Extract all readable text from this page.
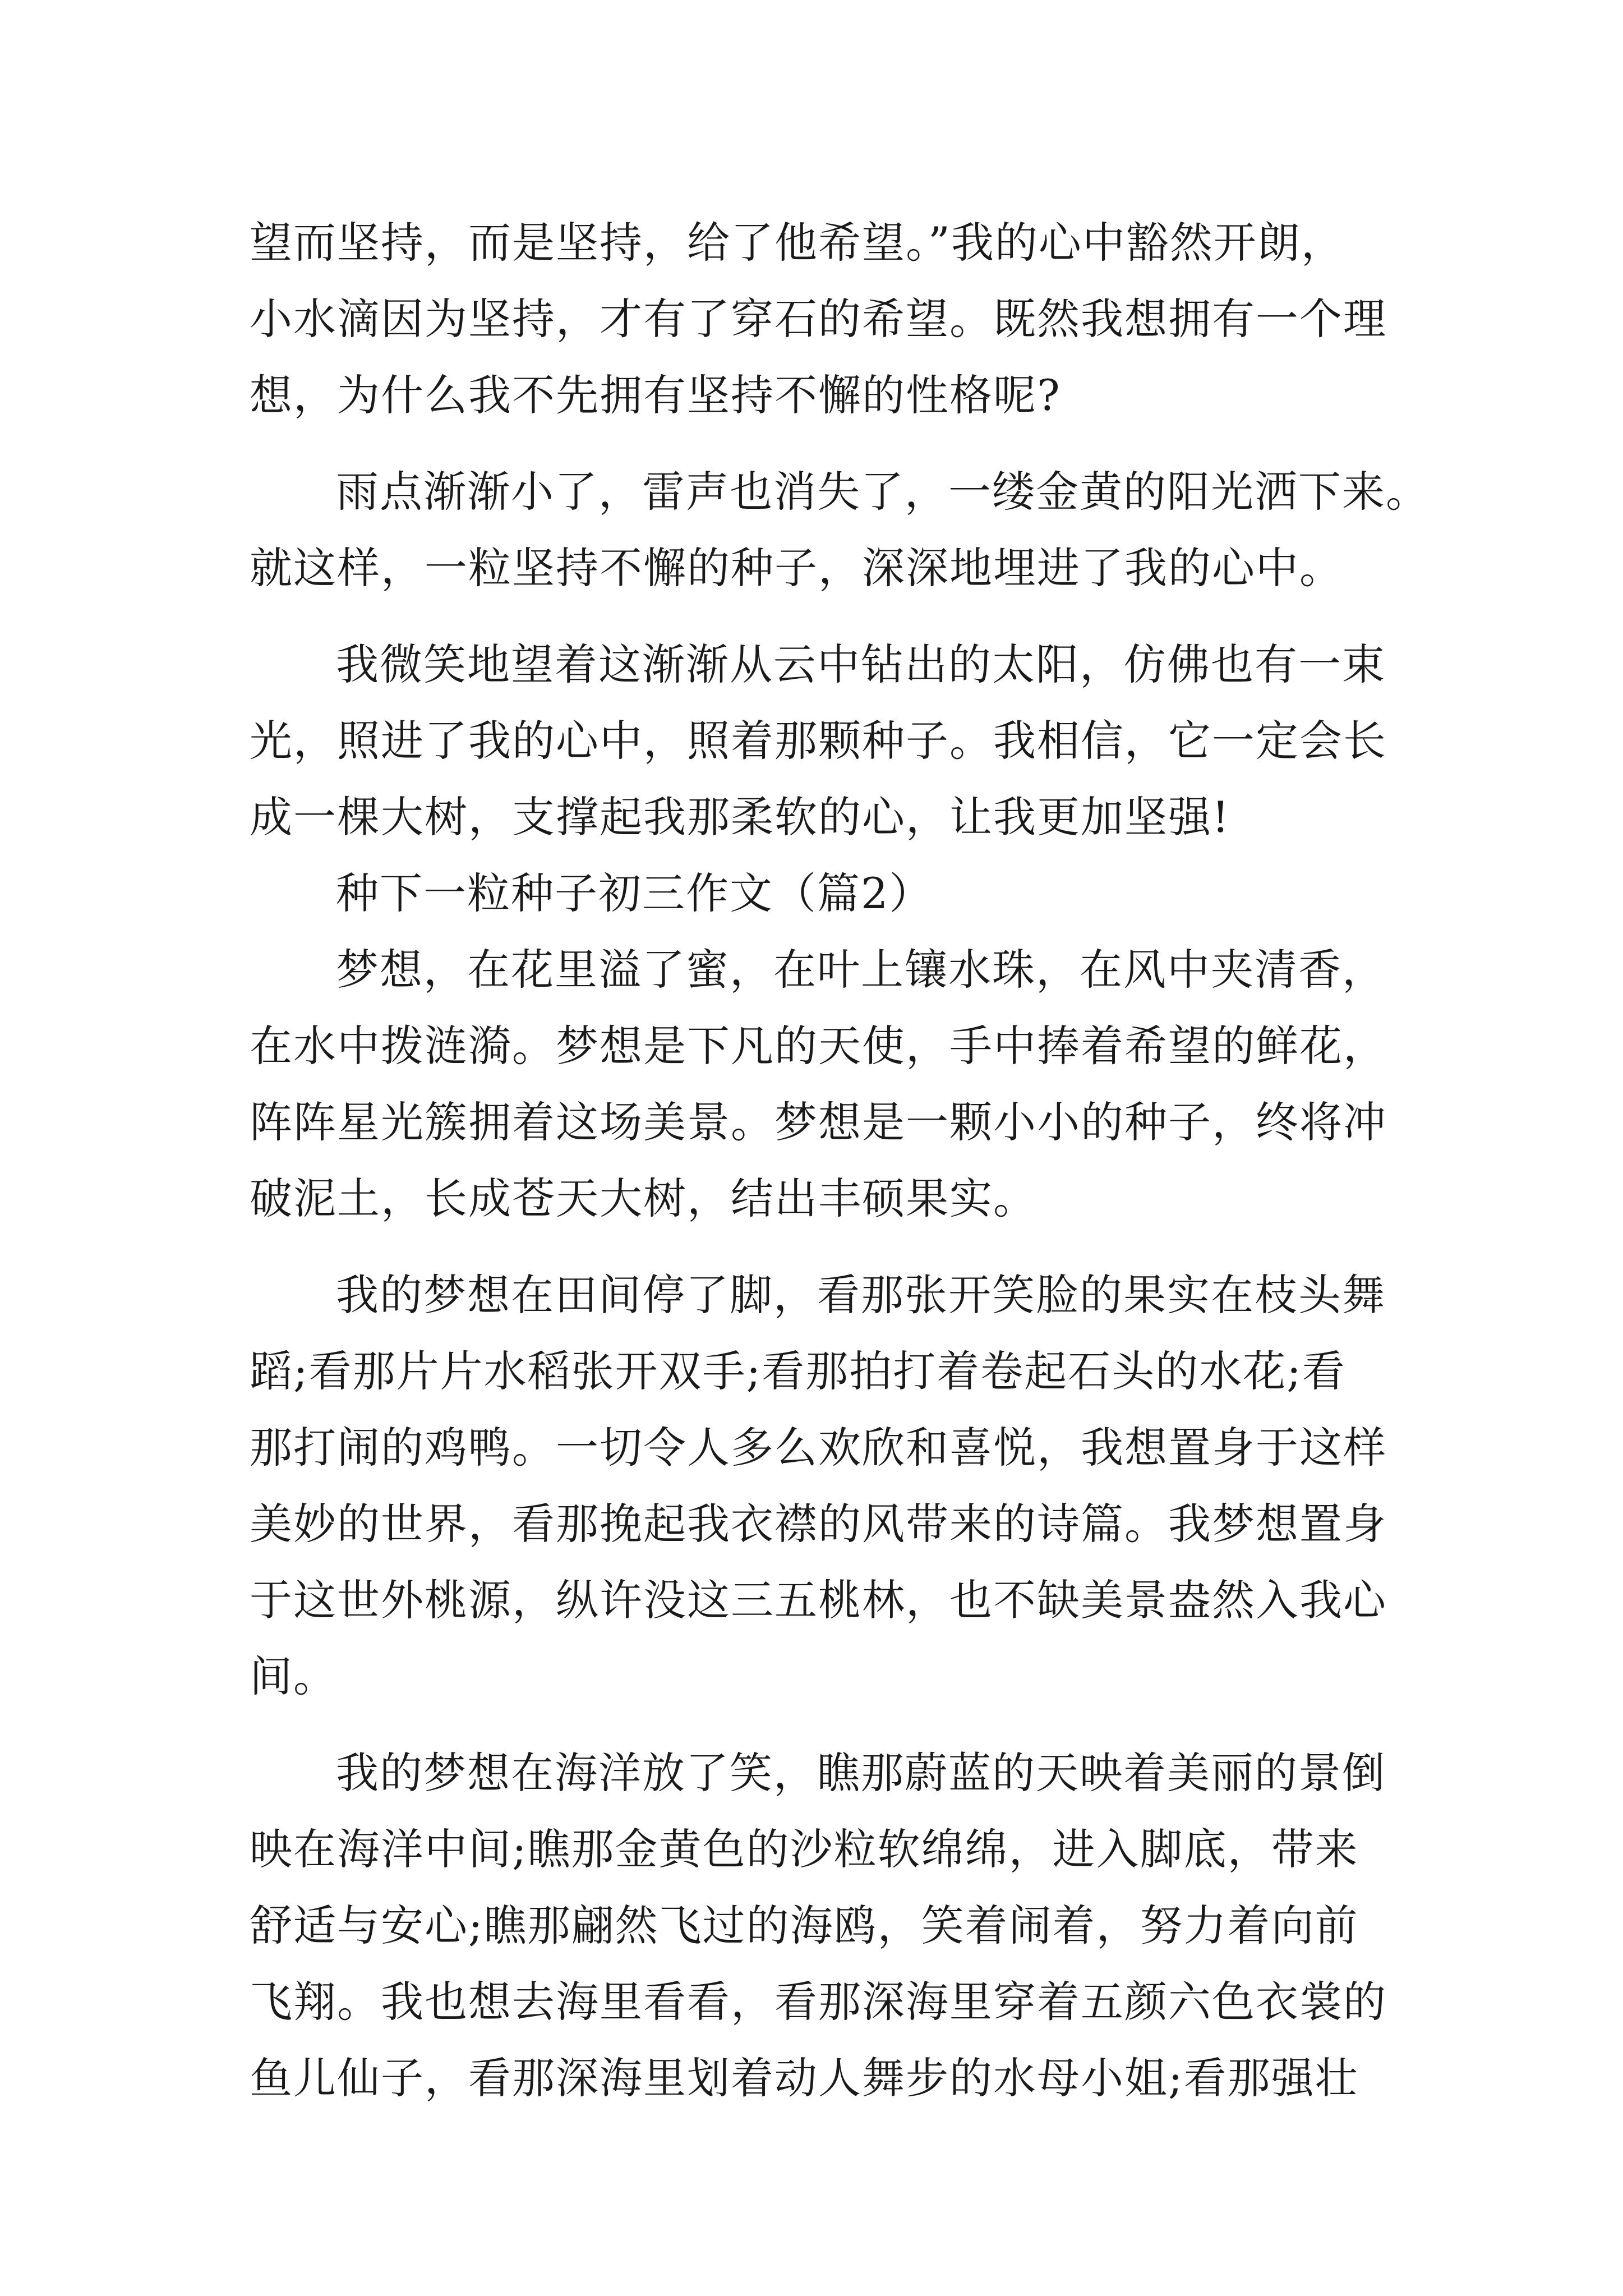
望而坚持，而是坚持，给了他希望。”我的心中豁然开朗，
小水滴因为坚持，才有了穿石的希望。既然我想拥有一个理
想，为什么我不先拥有坚持不懈的性格呢?
雨点渐渐小了，雷声也消失了，一缕金黄的阳光洒下来。
就这样，一粒坚持不懈的种子，深深地埋进了我的心中。
我微笑地望着这渐渐从云中钻出的太阳，仿佛也有一束
光，照进了我的心中，照着那颗种子。我相信，它一定会长
成一棵大树，支撑起我那柔软的心，让我更加坚强!
种下一粒种子初三作文（篇2）
梦想，在花里溢了蜜，在叶上镶水珠，在风中夹清香，
在水中拨涟漪。梦想是下凡的天使，手中捧着希望的鲜花，
阵阵星光簇拥着这场美景。梦想是一颗小小的种子，终将冲
破泥土，长成苍天大树，结出丰硕果实。
我的梦想在田间停了脚，看那张开笑脸的果实在枝头舞
蹈;看那片片水稻张开双手;看那拍打着卷起石头的水花;看
那打闹的鸡鸭。一切令人多么欢欣和喜悦，我想置身于这样
美妙的世界，看那挽起我衣襟的风带来的诗篇。我梦想置身
于这世外桃源，纵许没这三五桃林，也不缺美景盎然入我心
间。
我的梦想在海洋放了笑，瞧那蔚蓝的天映着美丽的景倒
映在海洋中间;瞧那金黄色的沙粒软绵绵，进入脚底，带来
舒适与安心;瞧那翩然飞过的海鸥，笑着闹着，努力着向前
飞翔。我也想去海里看看，看那深海里穿着五颜六色衣裳的
鱼儿仙子，看那深海里划着动人舞步的水母小姐;看那强壮
